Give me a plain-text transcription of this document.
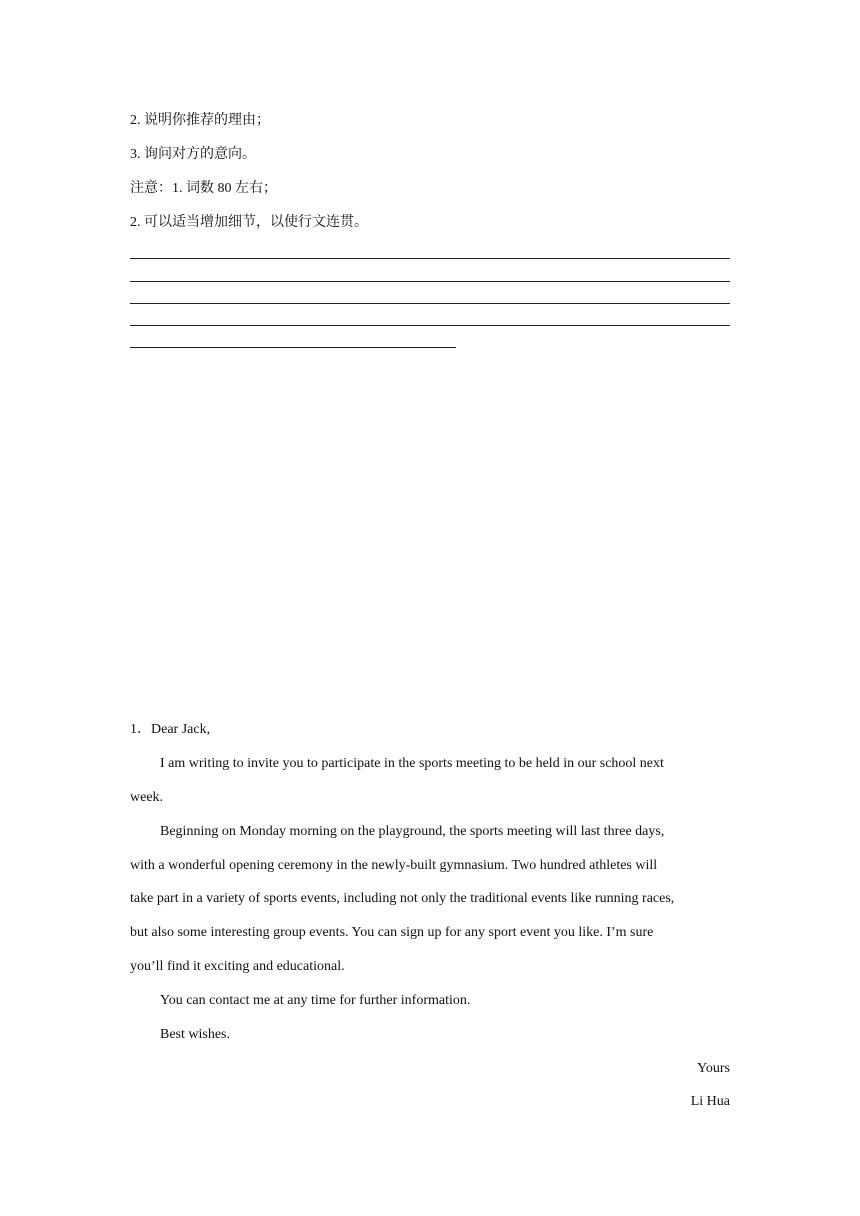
2. 说明你推荐的理由；
3. 询问对方的意向。
注意：1. 词数 80 左右；
2. 可以适当增加细节，以使行文连贯。
1．Dear Jack,
I am writing to invite you to participate in the sports meeting to be held in our school next
week.
Beginning on Monday morning on the playground, the sports meeting will last three days,
with a wonderful opening ceremony in the newly-built gymnasium. Two hundred athletes will
take part in a variety of sports events, including not only the traditional events like running races,
but also some interesting group events. You can sign up for any sport event you like. I’m sure
you’ll find it exciting and educational.
You can contact me at any time for further information.
Best wishes.
Yours
Li Hua
